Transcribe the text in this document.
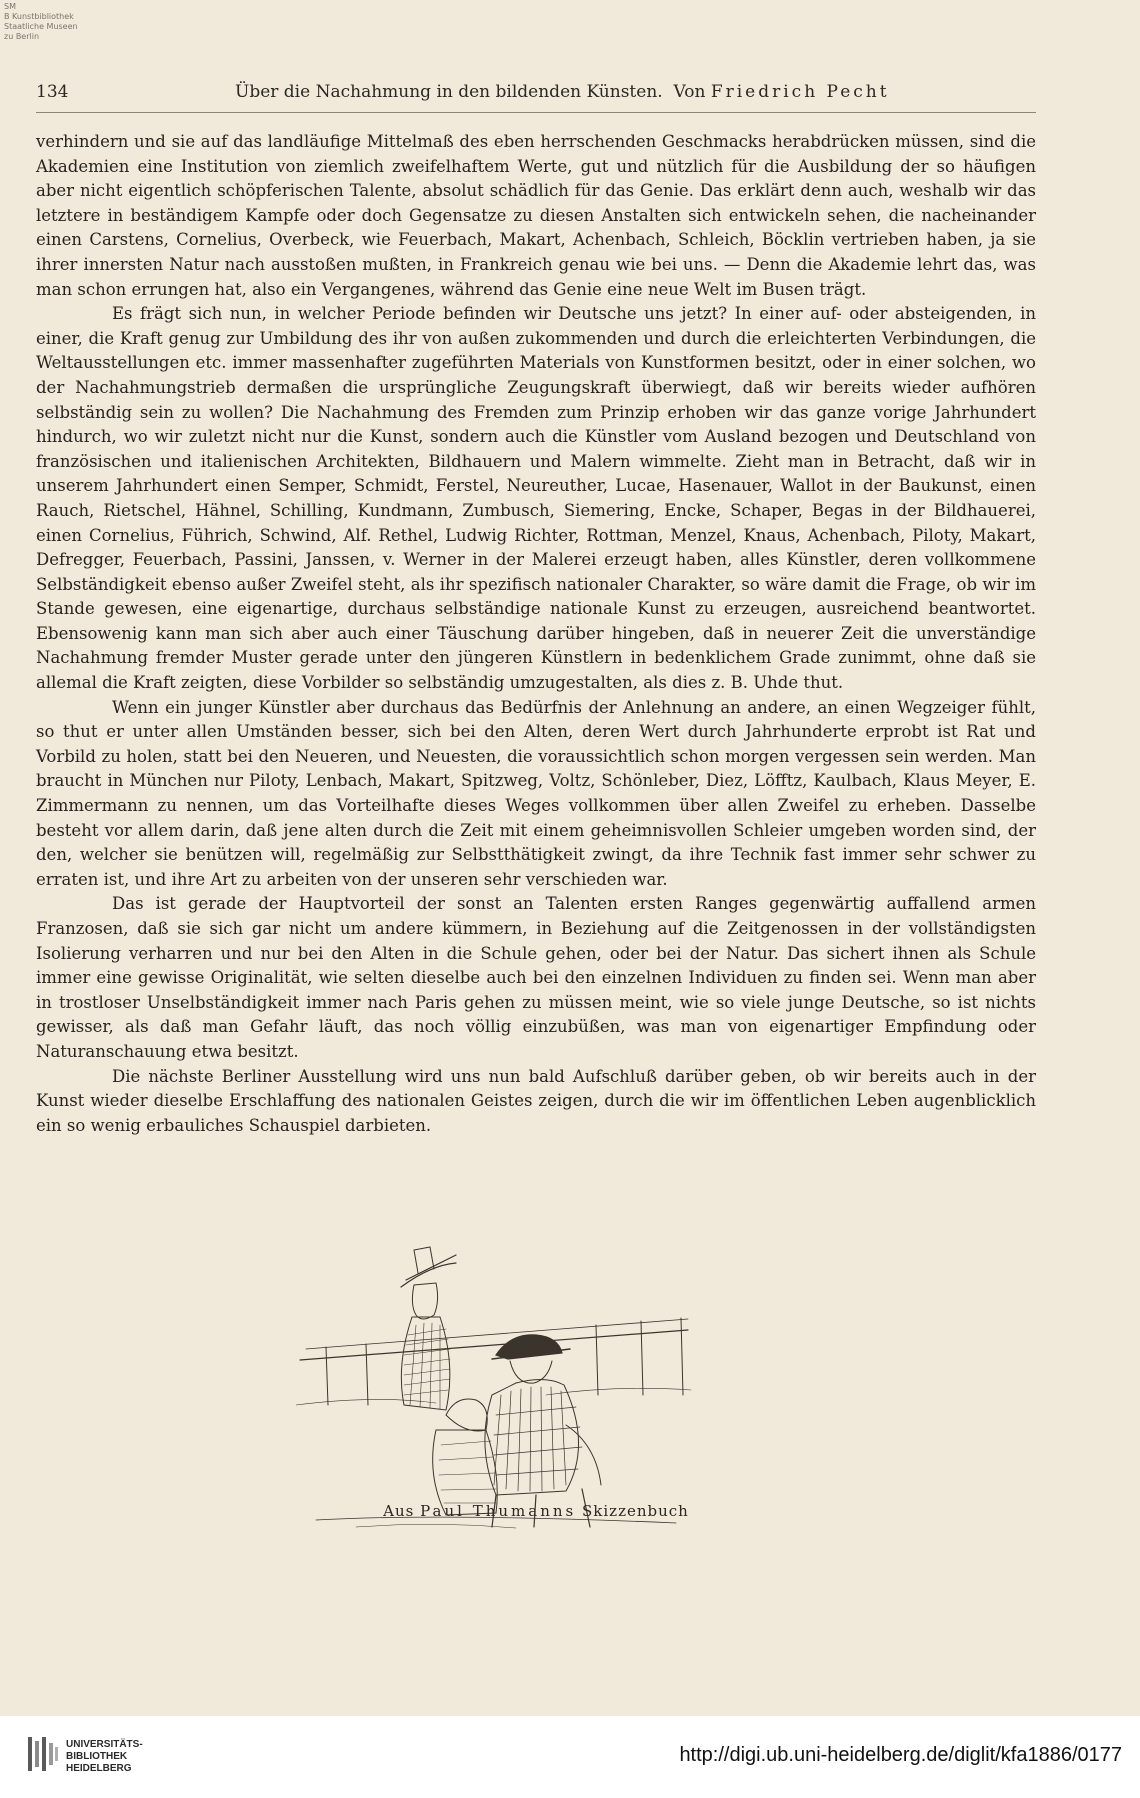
SM
B Kunstbibliothek
Staatliche Museen
zu Berlin
134	Über die Nachahmung in den bildenden Künsten. Von Friedrich Pecht

verhindern und sie auf das landläufige Mittelmaß des eben herrschenden Geschmacks herabdrücken müssen, sind die Akademien eine Institution von ziemlich zweifelhaftem Werte, gut und nützlich für die Ausbildung der so häufigen aber nicht eigentlich schöpferischen Talente, absolut schädlich für das Genie. Das erklärt denn auch, weshalb wir das letztere in beständigem Kampfe oder doch Gegensatze zu diesen Anstalten sich entwickeln sehen, die nacheinander einen Carstens, Cornelius, Overbeck, wie Feuerbach, Makart, Achenbach, Schleich, Böcklin vertrieben haben, ja sie ihrer innersten Natur nach ausstoßen mußten, in Frankreich genau wie bei uns. — Denn die Akademie lehrt das, was man schon errungen hat, also ein Vergangenes, während das Genie eine neue Welt im Busen trägt.

Es frägt sich nun, in welcher Periode befinden wir Deutsche uns jetzt? In einer auf- oder absteigenden, in einer, die Kraft genug zur Umbildung des ihr von außen zukommenden und durch die erleichterten Verbindungen, die Weltausstellungen etc. immer massenhafter zugeführten Materials von Kunstformen besitzt, oder in einer solchen, wo der Nachahmungstrieb dermaßen die ursprüngliche Zeugungskraft überwiegt, daß wir bereits wieder aufhören selbständig sein zu wollen? Die Nachahmung des Fremden zum Prinzip erhoben wir das ganze vorige Jahrhundert hindurch, wo wir zuletzt nicht nur die Kunst, sondern auch die Künstler vom Ausland bezogen und Deutschland von französischen und italienischen Architekten, Bildhauern und Malern wimmelte. Zieht man in Betracht, daß wir in unserem Jahrhundert einen Semper, Schmidt, Ferstel, Neureuther, Lucae, Hasenauer, Wallot in der Baukunst, einen Rauch, Rietschel, Hähnel, Schilling, Kundmann, Zumbusch, Siemering, Encke, Schaper, Begas in der Bildhauerei, einen Cornelius, Führich, Schwind, Alf. Rethel, Ludwig Richter, Rottman, Menzel, Knaus, Achenbach, Piloty, Makart, Defregger, Feuerbach, Passini, Janssen, v. Werner in der Malerei erzeugt haben, alles Künstler, deren vollkommene Selbständigkeit ebenso außer Zweifel steht, als ihr spezifisch nationaler Charakter, so wäre damit die Frage, ob wir im Stande gewesen, eine eigenartige, durchaus selbständige nationale Kunst zu erzeugen, ausreichend beantwortet. Ebensowenig kann man sich aber auch einer Täuschung darüber hingeben, daß in neuerer Zeit die unverständige Nachahmung fremder Muster gerade unter den jüngeren Künstlern in bedenklichem Grade zunimmt, ohne daß sie allemal die Kraft zeigten, diese Vorbilder so selbständig umzugestalten, als dies z. B. Uhde thut.

Wenn ein junger Künstler aber durchaus das Bedürfnis der Anlehnung an andere, an einen Wegzeiger fühlt, so thut er unter allen Umständen besser, sich bei den Alten, deren Wert durch Jahrhunderte erprobt ist Rat und Vorbild zu holen, statt bei den Neueren, und Neuesten, die voraussichtlich schon morgen vergessen sein werden. Man braucht in München nur Piloty, Lenbach, Makart, Spitzweg, Voltz, Schönleber, Diez, Löfftz, Kaulbach, Klaus Meyer, E. Zimmermann zu nennen, um das Vorteilhafte dieses Weges vollkommen über allen Zweifel zu erheben. Dasselbe besteht vor allem darin, daß jene alten durch die Zeit mit einem geheimnisvollen Schleier umgeben worden sind, der den, welcher sie benützen will, regelmäßig zur Selbstthätigkeit zwingt, da ihre Technik fast immer sehr schwer zu erraten ist, und ihre Art zu arbeiten von der unseren sehr verschieden war.

Das ist gerade der Hauptvorteil der sonst an Talenten ersten Ranges gegenwärtig auffallend armen Franzosen, daß sie sich gar nicht um andere kümmern, in Beziehung auf die Zeitgenossen in der vollständigsten Isolierung verharren und nur bei den Alten in die Schule gehen, oder bei der Natur. Das sichert ihnen als Schule immer eine gewisse Originalität, wie selten dieselbe auch bei den einzelnen Individuen zu finden sei. Wenn man aber in trostloser Unselbständigkeit immer nach Paris gehen zu müssen meint, wie so viele junge Deutsche, so ist nichts gewisser, als daß man Gefahr läuft, das noch völlig einzubüßen, was man von eigenartiger Empfindung oder Naturanschauung etwa besitzt.

Die nächste Berliner Ausstellung wird uns nun bald Aufschluß darüber geben, ob wir bereits auch in der Kunst wieder dieselbe Erschlaffung des nationalen Geistes zeigen, durch die wir im öffentlichen Leben augenblicklich ein so wenig erbauliches Schauspiel darbieten.

Aus Paul Thumanns Skizzenbuch
UNIVERSITÄTS-
BIBLIOTHEK
HEIDELBERG
http://digi.ub.uni-heidelberg.de/diglit/kfa1886/0177
